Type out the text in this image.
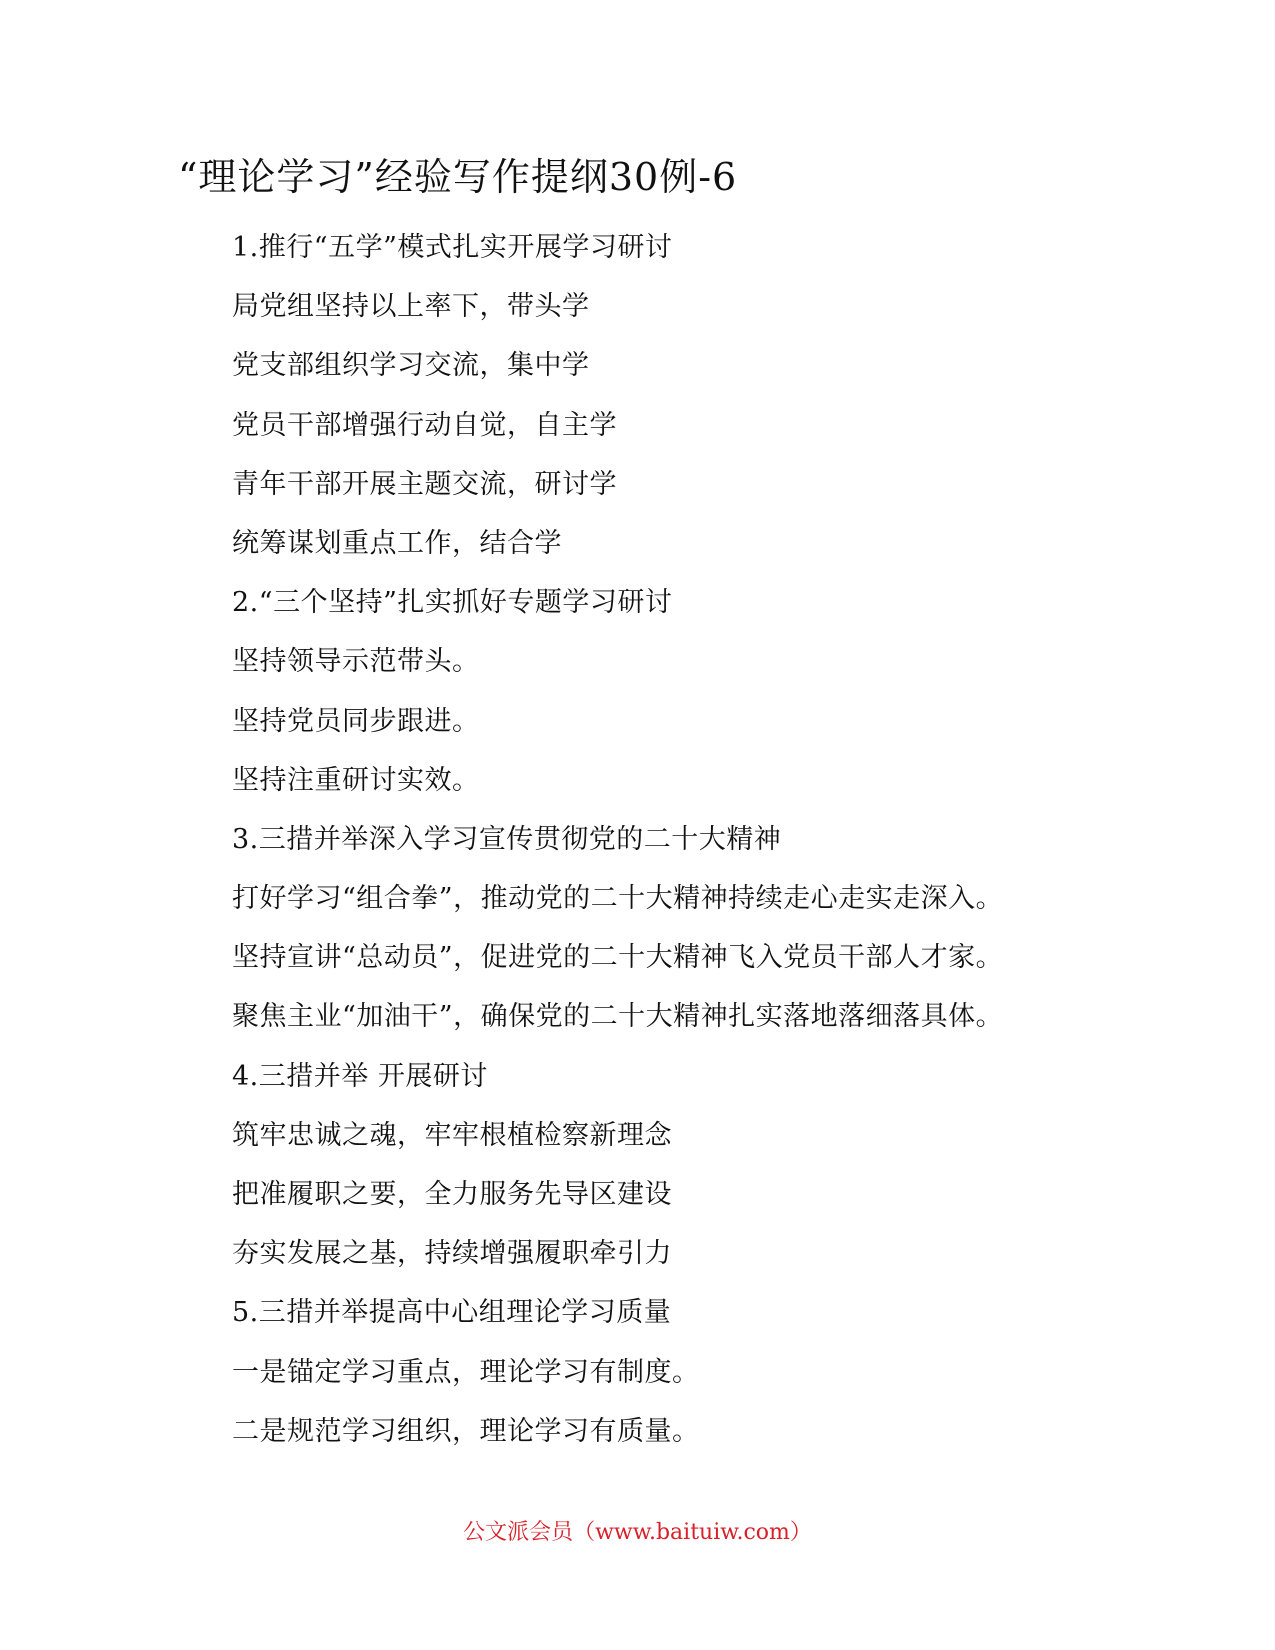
“理论学习”经验写作提纲30例-6
1.推行“五学”模式扎实开展学习研讨
局党组坚持以上率下，带头学
党支部组织学习交流，集中学
党员干部增强行动自觉，自主学
青年干部开展主题交流，研讨学
统筹谋划重点工作，结合学
2.“三个坚持”扎实抓好专题学习研讨
坚持领导示范带头。
坚持党员同步跟进。
坚持注重研讨实效。
3.三措并举深入学习宣传贯彻党的二十大精神
打好学习“组合拳”，推动党的二十大精神持续走心走实走深入。
坚持宣讲“总动员”，促进党的二十大精神飞入党员干部人才家。
聚焦主业“加油干”，确保党的二十大精神扎实落地落细落具体。
4.三措并举 开展研讨
筑牢忠诚之魂，牢牢根植检察新理念
把准履职之要，全力服务先导区建设
夯实发展之基，持续增强履职牵引力
5.三措并举提高中心组理论学习质量
一是锚定学习重点，理论学习有制度。
二是规范学习组织，理论学习有质量。
公文派会员（www.baituiw.com）
